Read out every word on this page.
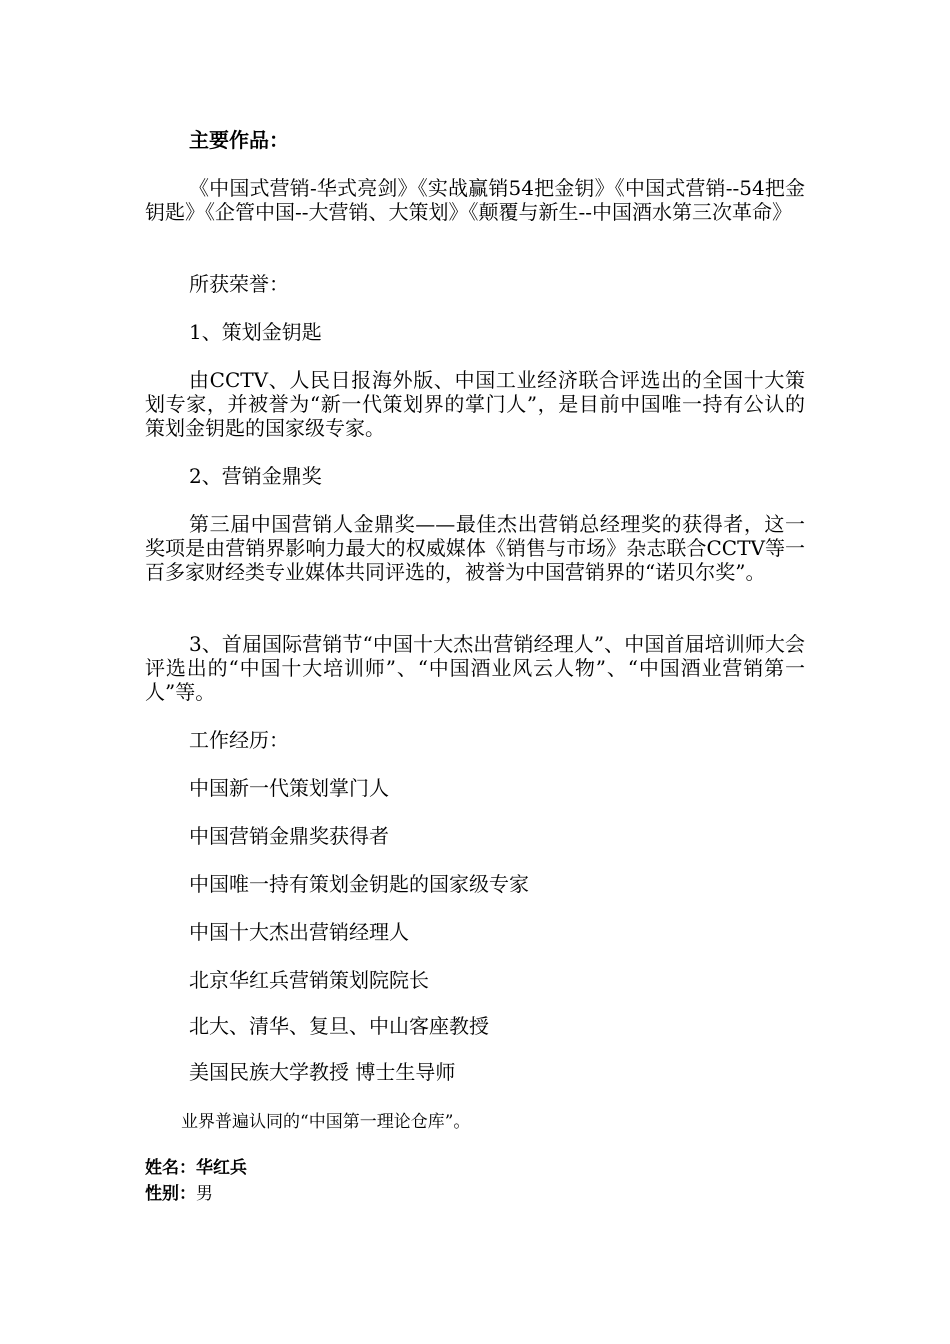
主要作品：
《中国式营销-华式亮剑》《实战赢销54把金钥》《中国式营销--54把金钥匙》《企管中国--大营销、大策划》《颠覆与新生--中国酒水第三次革命》
所获荣誉：
1、策划金钥匙
由CCTV、人民日报海外版、中国工业经济联合评选出的全国十大策划专家，并被誉为“新一代策划界的掌门人”，是目前中国唯一持有公认的策划金钥匙的国家级专家。
2、营销金鼎奖
第三届中国营销人金鼎奖——最佳杰出营销总经理奖的获得者，这一奖项是由营销界影响力最大的权威媒体《销售与市场》杂志联合CCTV等一百多家财经类专业媒体共同评选的，被誉为中国营销界的“诺贝尔奖”。
3、首届国际营销节“中国十大杰出营销经理人”、中国首届培训师大会评选出的“中国十大培训师”、“中国酒业风云人物”、“中国酒业营销第一人”等。
工作经历：
中国新一代策划掌门人
中国营销金鼎奖获得者
中国唯一持有策划金钥匙的国家级专家
中国十大杰出营销经理人
北京华红兵营销策划院院长
北大、清华、复旦、中山客座教授
美国民族大学教授 博士生导师
业界普遍认同的“中国第一理论仓库”。
姓名：华红兵
性别：男
